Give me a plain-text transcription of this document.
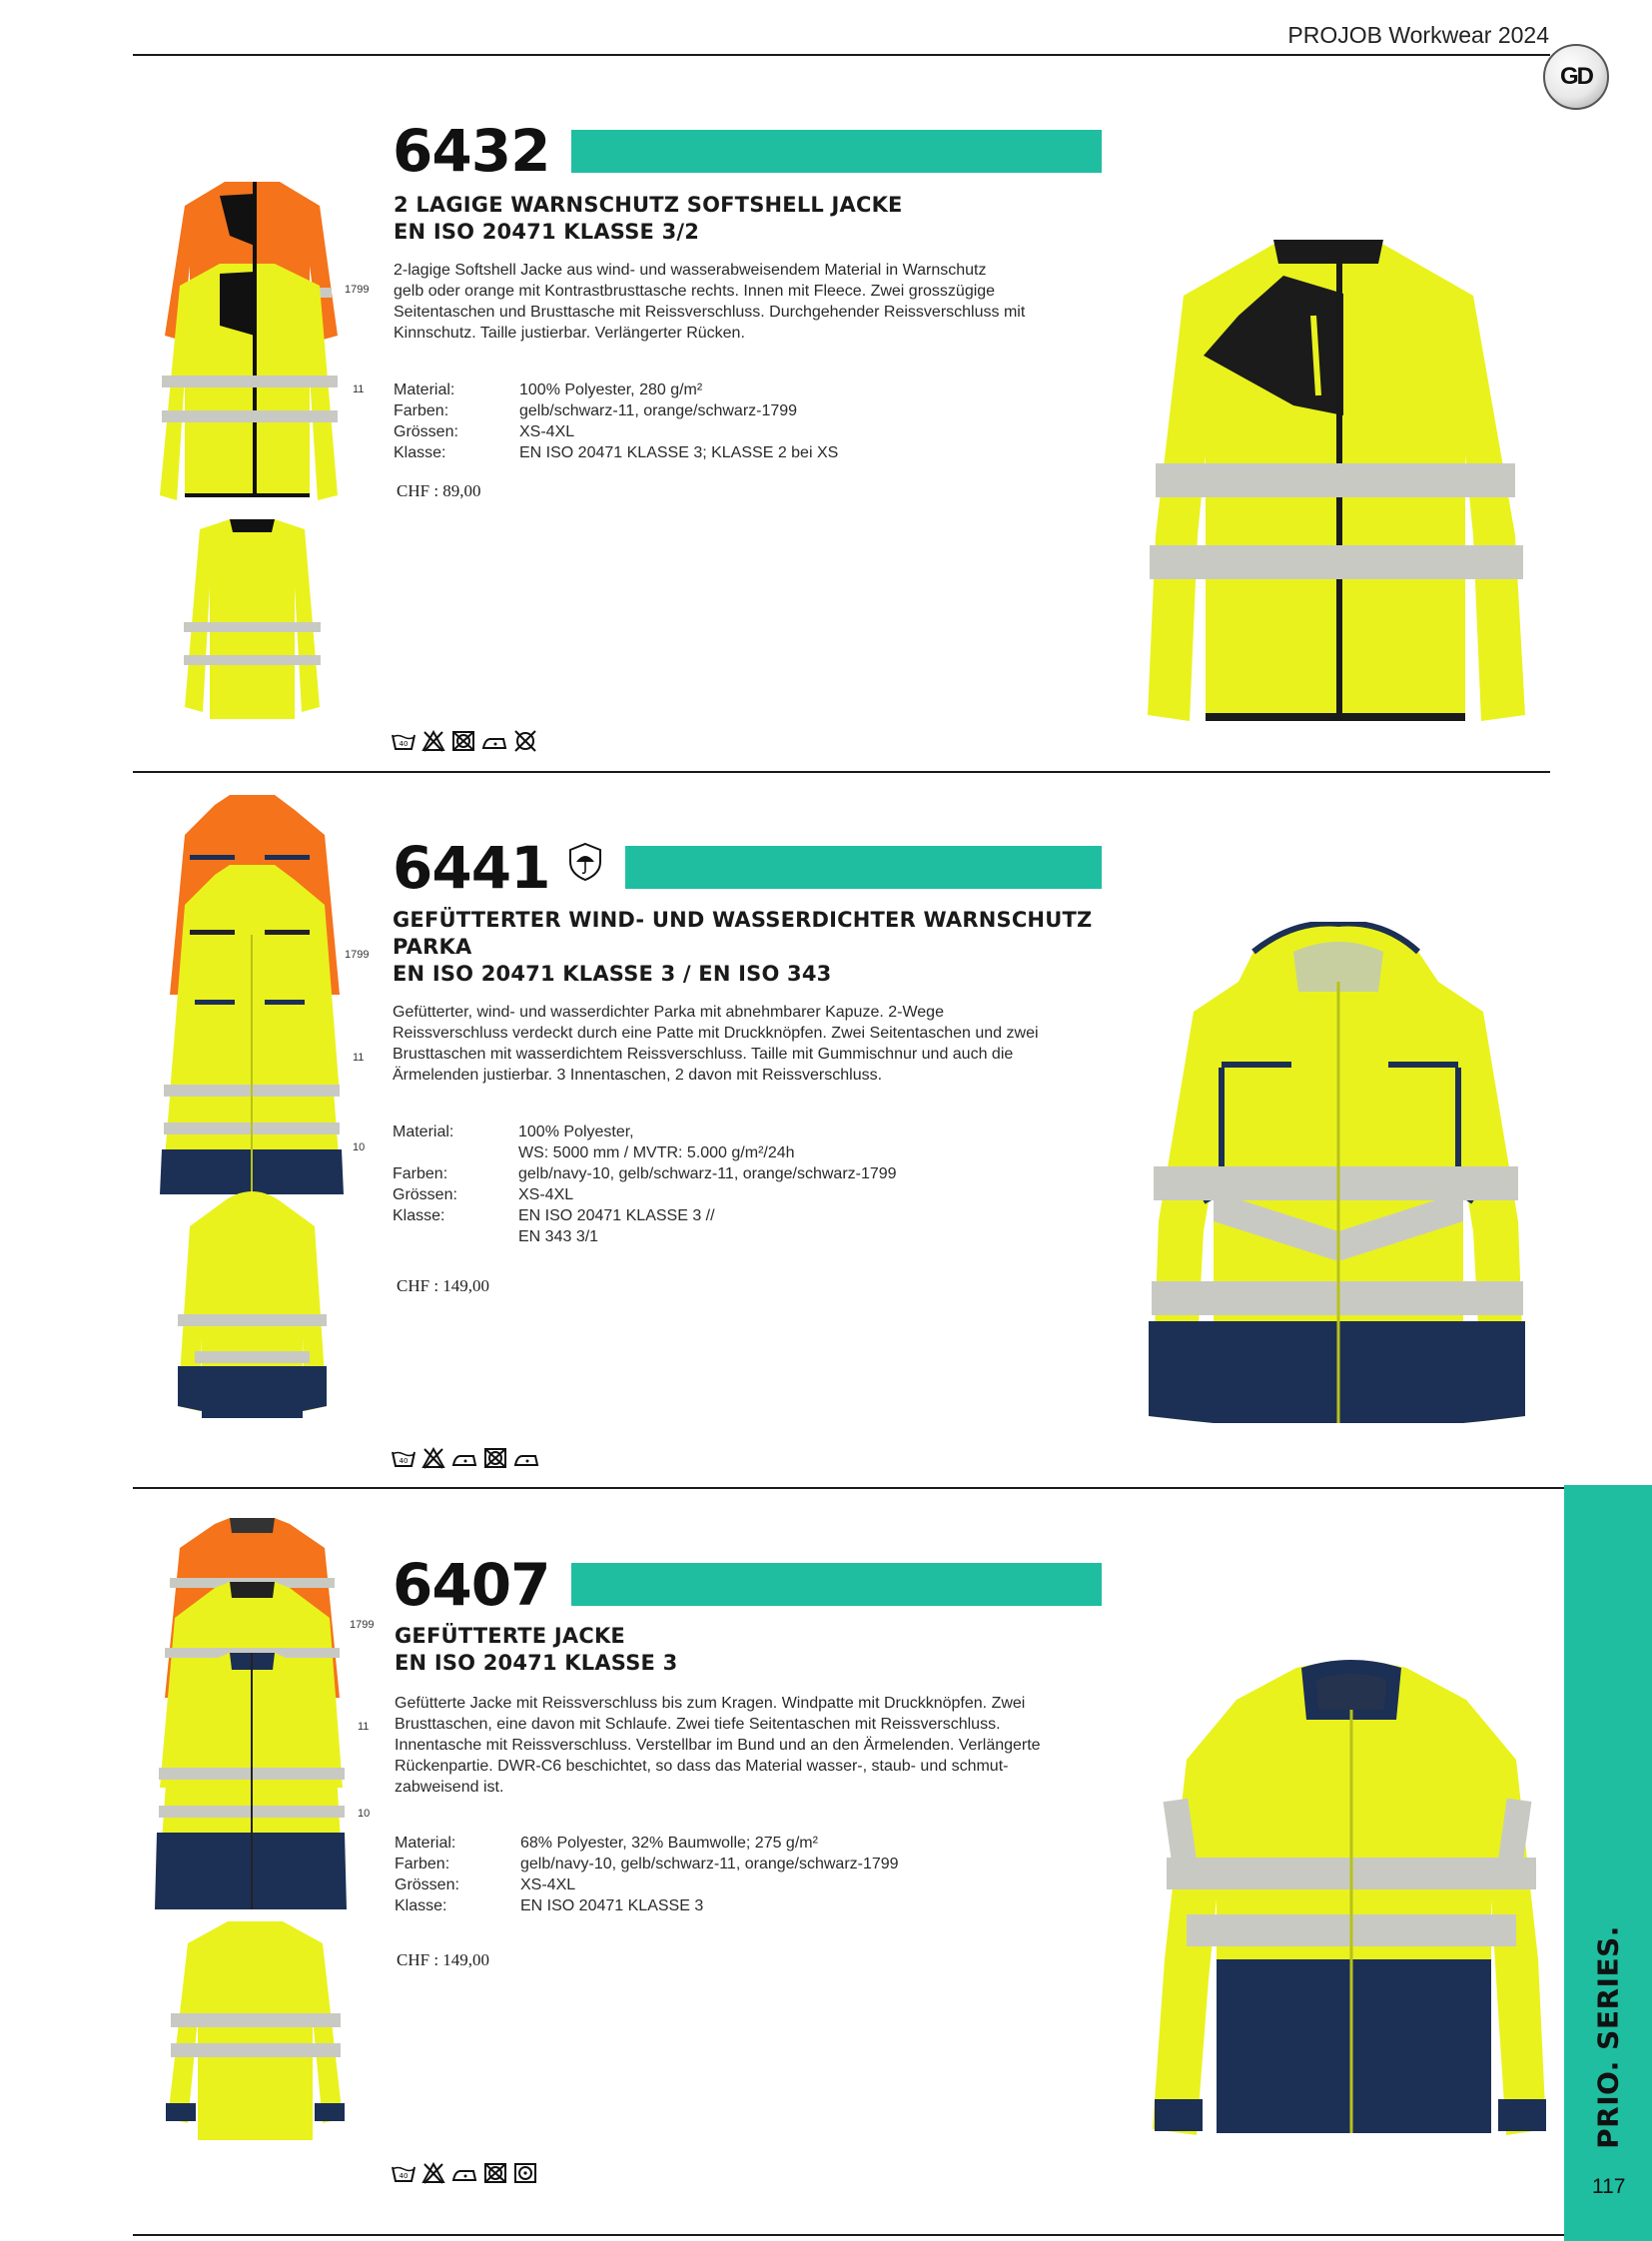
PROJOB Workwear 2024
GD
1799
11
6432
2 LAGIGE WARNSCHUTZ SOFTSHELL JACKE
EN ISO 20471 KLASSE 3/2
2-lagige Softshell Jacke aus wind- und wasserabweisendem Material in Warnschutz
gelb oder orange mit Kontrastbrusttasche rechts. Innen mit Fleece. Zwei grosszügige
Seitentaschen und Brusttasche mit Reissverschluss. Durchgehender Reissverschluss mit
Kinnschutz. Taille justierbar. Verlängerter Rücken.
Material:	100% Polyester, 280 g/m²
Farben:	gelb/schwarz-11, orange/schwarz-1799
Grössen:	XS-4XL
Klasse:	EN ISO 20471 KLASSE 3; KLASSE 2 bei XS
CHF : 89,00
40
1799
11
10
6441
GEFÜTTERTER WIND- UND WASSERDICHTER WARNSCHUTZ
PARKA
EN ISO 20471 KLASSE 3 / EN ISO 343
Gefütterter, wind- und wasserdichter Parka mit abnehmbarer Kapuze. 2-Wege
Reissverschluss verdeckt durch eine Patte mit Druckknöpfen. Zwei Seitentaschen und zwei
Brusttaschen mit wasserdichtem Reissverschluss. Taille mit Gummischnur und auch die
Ärmelenden justierbar. 3 Innentaschen, 2 davon mit Reissverschluss.
Material:	100% Polyester,
WS: 5000 mm / MVTR: 5.000 g/m²/24h
Farben:	gelb/navy-10, gelb/schwarz-11, orange/schwarz-1799
Grössen:	XS-4XL
Klasse:	EN ISO 20471 KLASSE 3 //
EN 343 3/1
CHF : 149,00
40
1799
11
10
6407
GEFÜTTERTE JACKE
EN ISO 20471 KLASSE 3
Gefütterte Jacke mit Reissverschluss bis zum Kragen. Windpatte mit Druckknöpfen. Zwei
Brusttaschen, eine davon mit Schlaufe. Zwei tiefe Seitentaschen mit Reissverschluss.
Innentasche mit Reissverschluss. Verstellbar im Bund und an den Ärmelenden. Verlängerte
Rückenpartie. DWR-C6 beschichtet, so dass das Material wasser-, staub- und schmut-
zabweisend ist.
Material:	68% Polyester, 32% Baumwolle; 275 g/m²
Farben:	gelb/navy-10, gelb/schwarz-11, orange/schwarz-1799
Grössen:	XS-4XL
Klasse:	EN ISO 20471 KLASSE 3
CHF : 149,00
40
PRIO. SERIES.
117
